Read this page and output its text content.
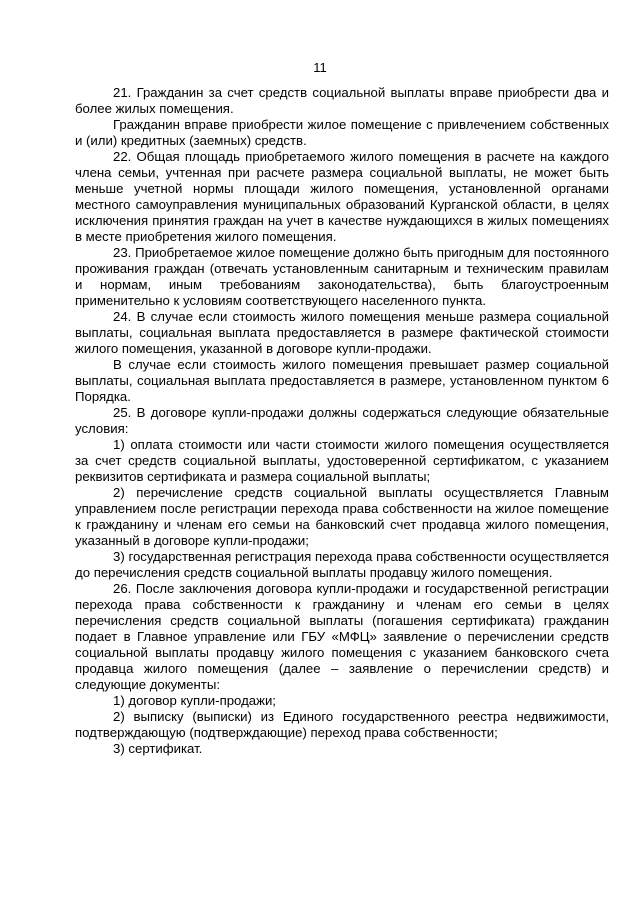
11

21. Гражданин за счет средств социальной выплаты вправе приобрести два и более жилых помещения.

Гражданин вправе приобрести жилое помещение с привлечением собственных и (или) кредитных (заемных) средств.

22. Общая площадь приобретаемого жилого помещения в расчете на каждого члена семьи, учтенная при расчете размера социальной выплаты, не может быть меньше учетной нормы площади жилого помещения, установленной органами местного самоуправления муниципальных образований Курганской области, в целях исключения принятия граждан на учет в качестве нуждающихся в жилых помещениях в месте приобретения жилого помещения.

23. Приобретаемое жилое помещение должно быть пригодным для постоянного проживания граждан (отвечать установленным санитарным и техническим правилам и нормам, иным требованиям законодательства), быть благоустроенным применительно к условиям соответствующего населенного пункта.

24. В случае если стоимость жилого помещения меньше размера социальной выплаты, социальная выплата предоставляется в размере фактической стоимости жилого помещения, указанной в договоре купли-продажи.

В случае если стоимость жилого помещения превышает размер социальной выплаты, социальная выплата предоставляется в размере, установленном пунктом 6 Порядка.

25. В договоре купли-продажи должны содержаться следующие обязательные условия:

1) оплата стоимости или части стоимости жилого помещения осуществляется за счет средств социальной выплаты, удостоверенной сертификатом, с указанием реквизитов сертификата и размера социальной выплаты;

2) перечисление средств социальной выплаты осуществляется Главным управлением после регистрации перехода права собственности на жилое помещение к гражданину и членам его семьи на банковский счет продавца жилого помещения, указанный в договоре купли-продажи;

3) государственная регистрация перехода права собственности осуществляется до перечисления средств социальной выплаты продавцу жилого помещения.

26. После заключения договора купли-продажи и государственной регистрации перехода права собственности к гражданину и членам его семьи в целях перечисления средств социальной выплаты (погашения сертификата) гражданин подает в Главное управление или ГБУ «МФЦ» заявление о перечислении средств социальной выплаты продавцу жилого помещения с указанием банковского счета продавца жилого помещения (далее – заявление о перечислении средств) и следующие документы:

1) договор купли-продажи;

2) выписку (выписки) из Единого государственного реестра недвижимости, подтверждающую (подтверждающие) переход права собственности;

3) сертификат.
